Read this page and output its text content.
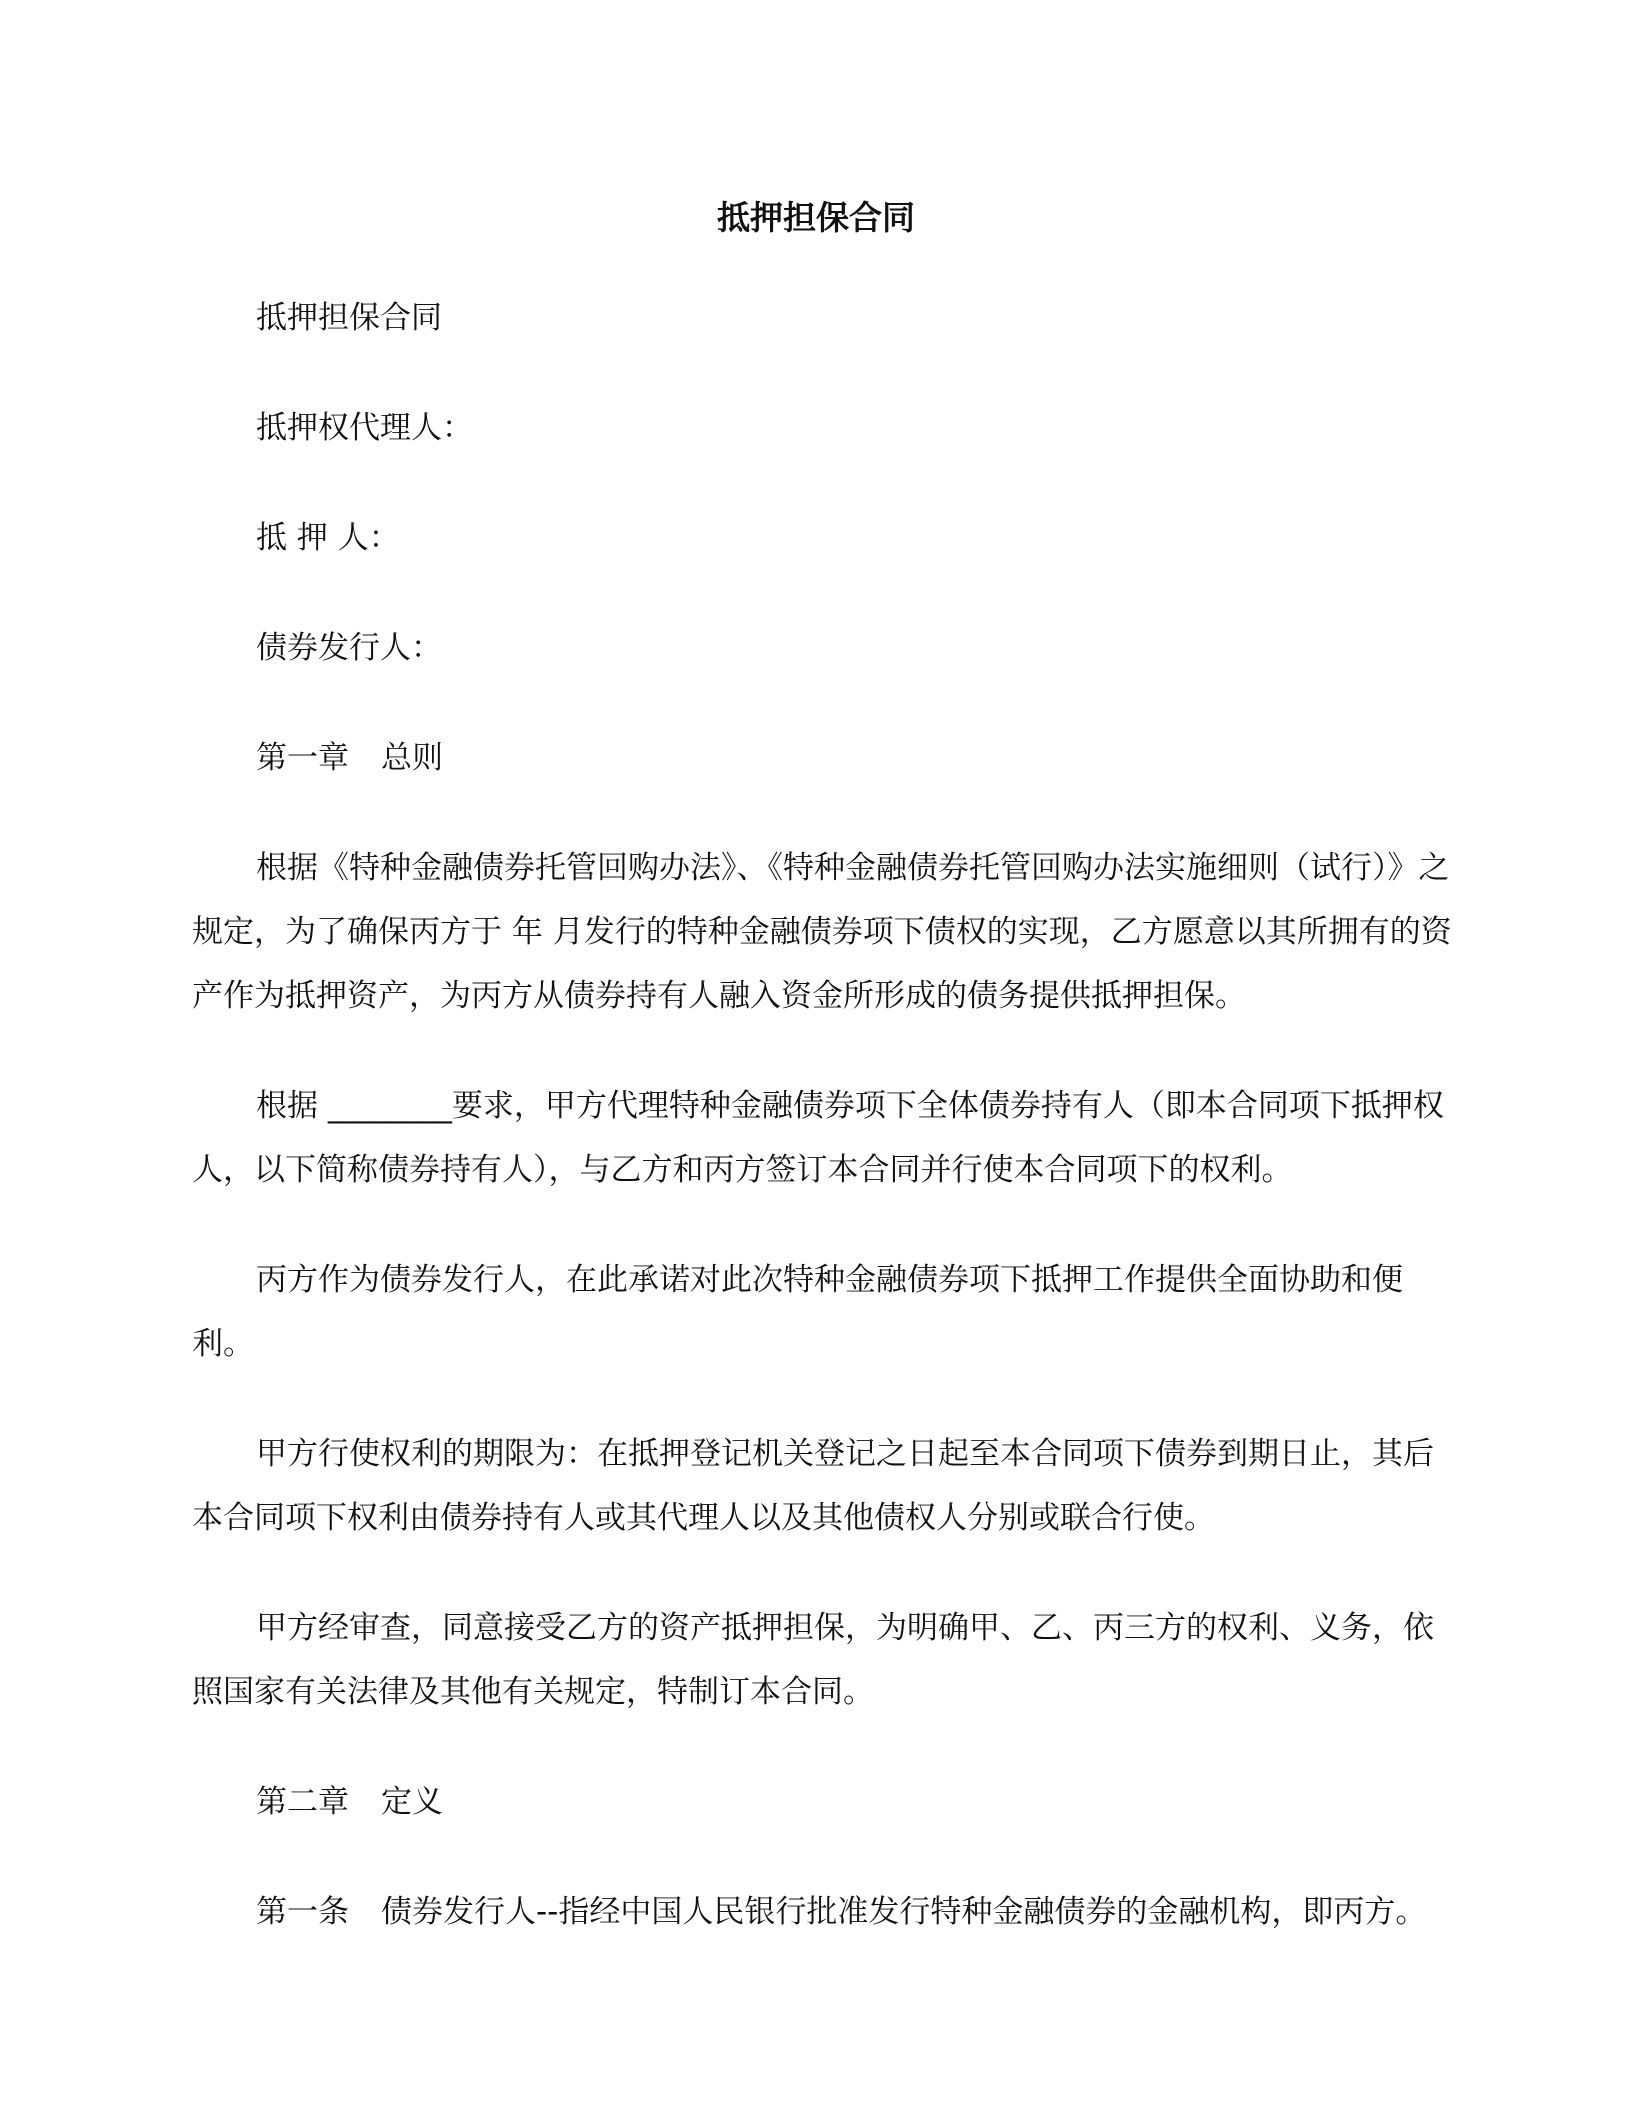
抵押担保合同

抵押担保合同

抵押权代理人：

抵 押 人：

债券发行人：

第一章 总则

根据《特种金融债券托管回购办法》、《特种金融债券托管回购办法实施细则（试行）》之规定，为了确保丙方于 年 月发行的特种金融债券项下债权的实现，乙方愿意以其所拥有的资产作为抵押资产，为丙方从债券持有人融入资金所形成的债务提供抵押担保。

根据 ________要求，甲方代理特种金融债券项下全体债券持有人（即本合同项下抵押权人，以下简称债券持有人），与乙方和丙方签订本合同并行使本合同项下的权利。

丙方作为债券发行人，在此承诺对此次特种金融债券项下抵押工作提供全面协助和便利。

甲方行使权利的期限为：在抵押登记机关登记之日起至本合同项下债券到期日止，其后本合同项下权利由债券持有人或其代理人以及其他债权人分别或联合行使。

甲方经审查，同意接受乙方的资产抵押担保，为明确甲、乙、丙三方的权利、义务，依照国家有关法律及其他有关规定，特制订本合同。

第二章 定义

第一条 债券发行人--指经中国人民银行批准发行特种金融债券的金融机构，即丙方。
